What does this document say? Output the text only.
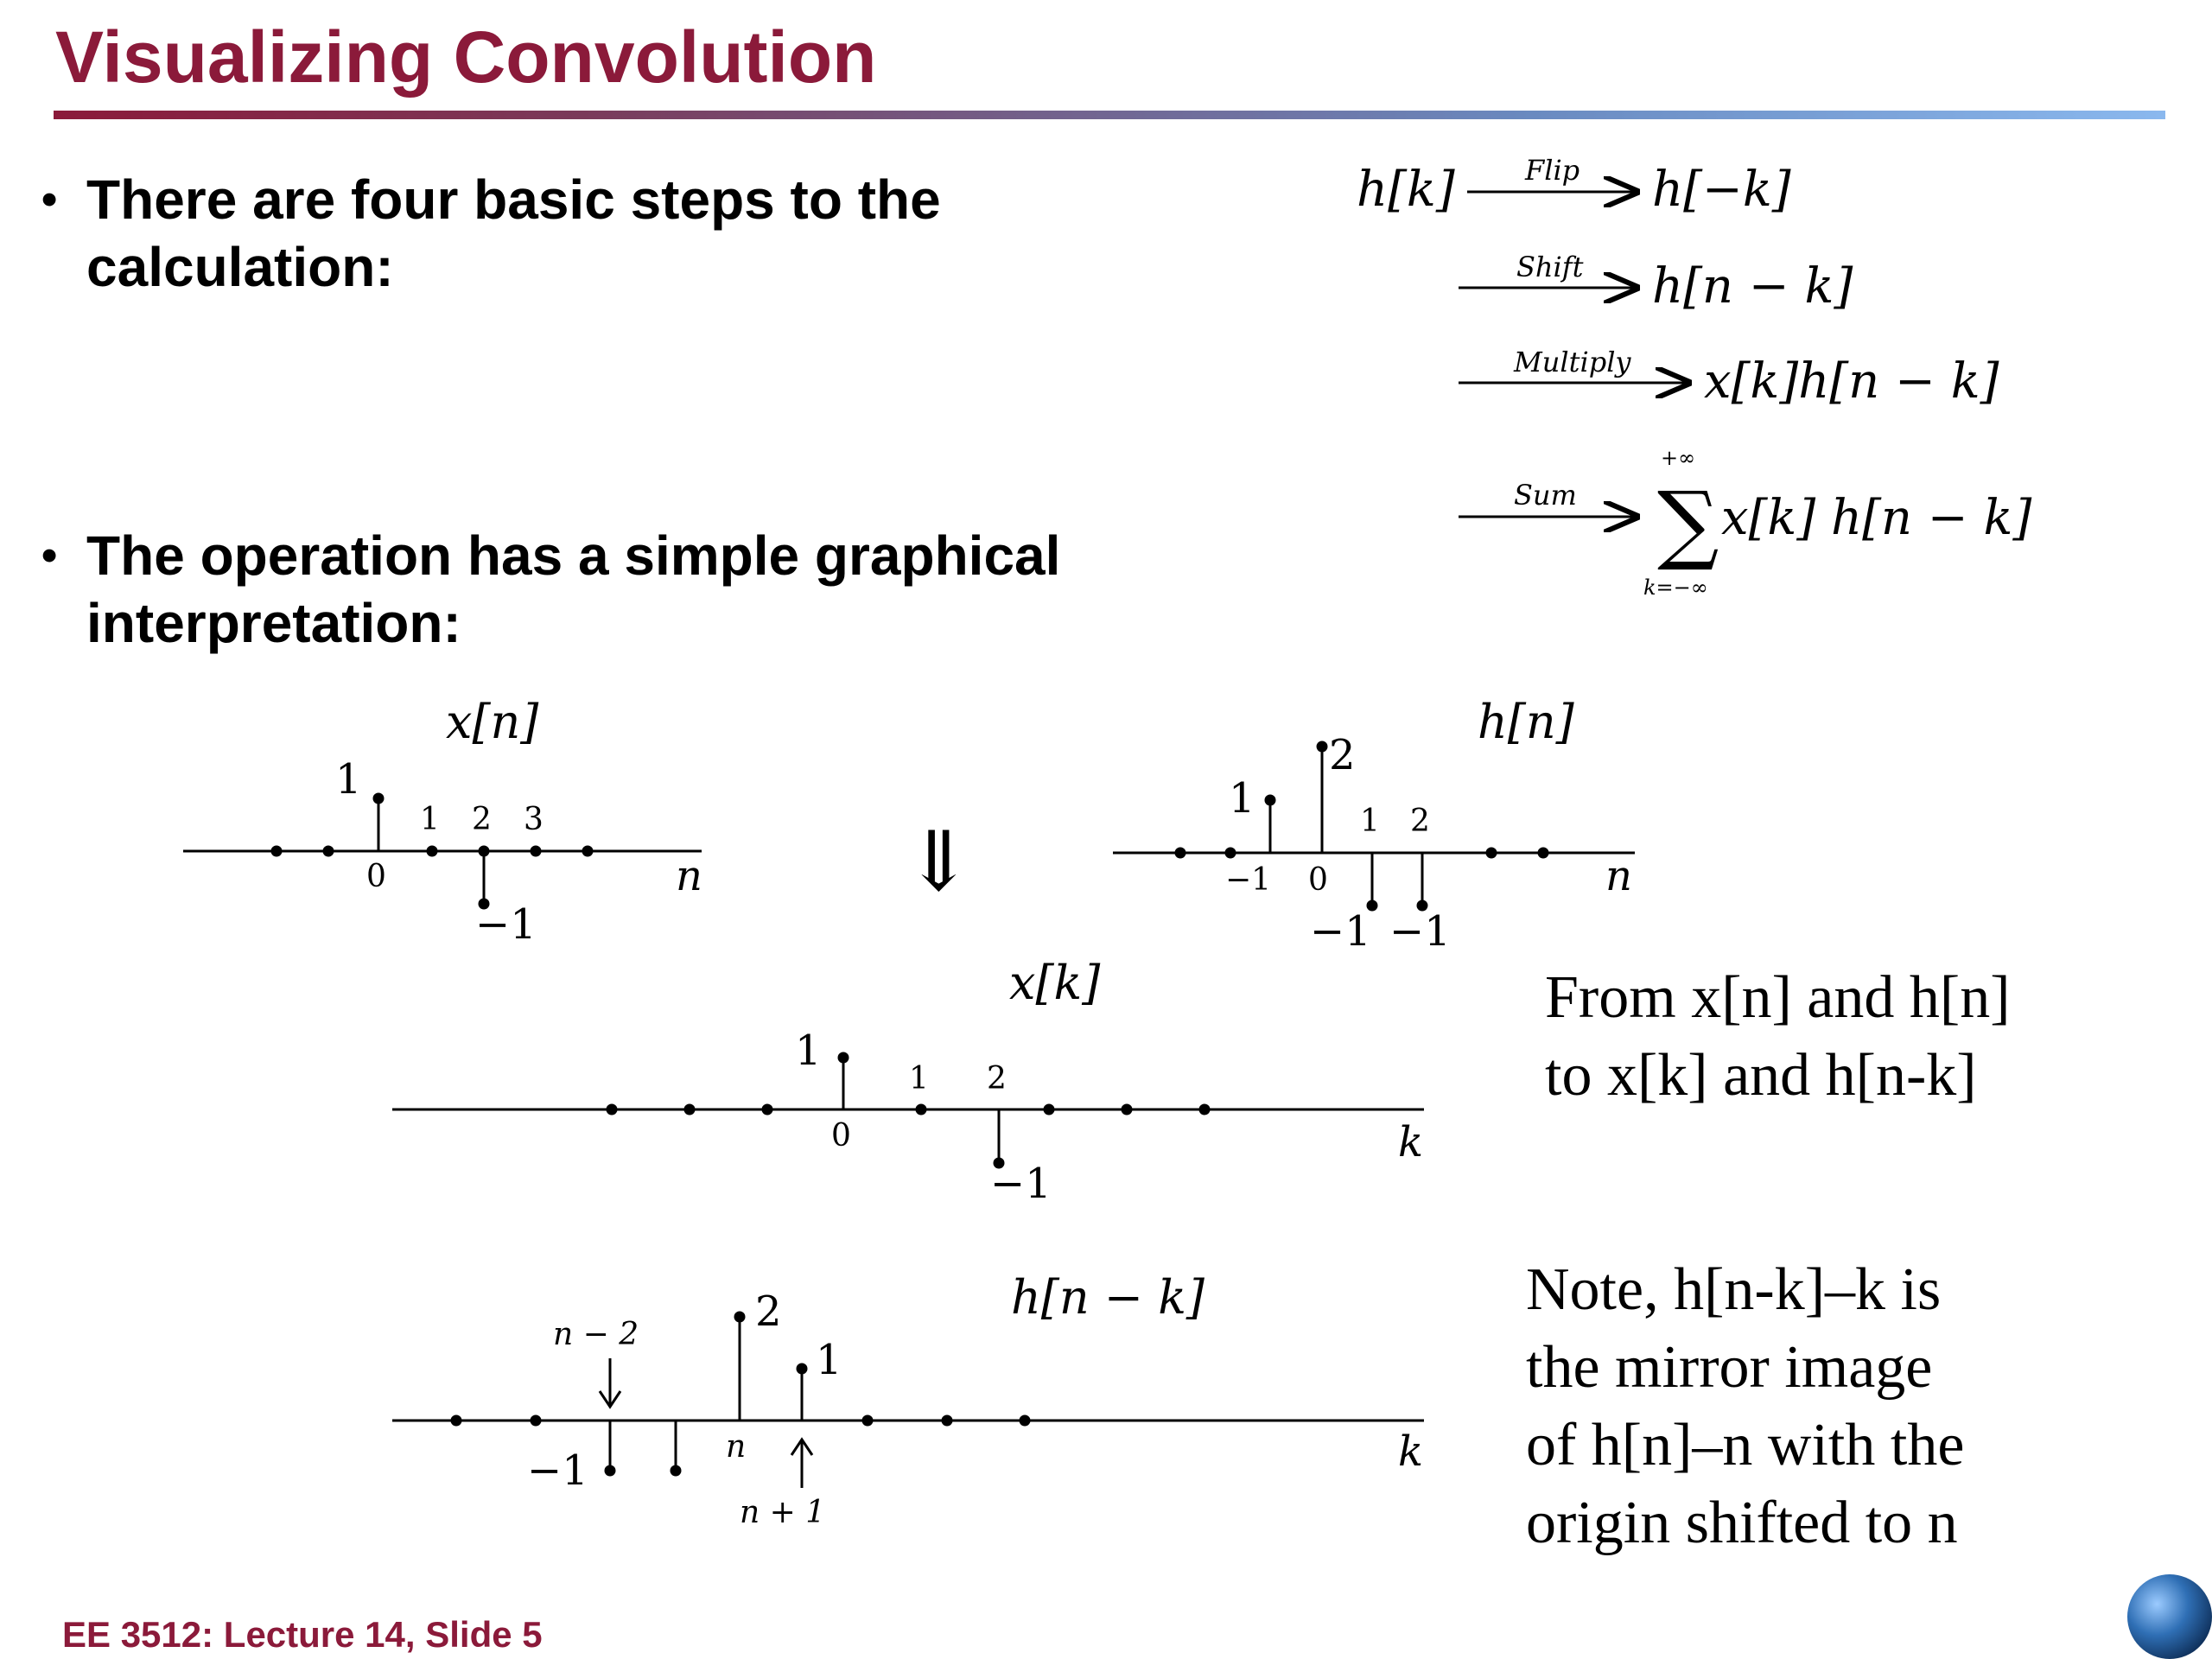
Visualizing Convolution
• There are four basic steps to the
calculation:
• The operation has a simple graphical
interpretation:
h[k]	Flip h[−k]
Shift h[n − k]
Multiply x[k]h[n − k]
Sum ∑
+∞
k=−∞
x[k] h[n − k]
0
1 2 3
1
−1
x[n]
n ⇓	−1 0
1 2
2
1
−1 −1
h[n]
n
0
1 2
1
−1
x[k]
k
n
n − 2
n + 1
2
1
−1
h[n − k]
k
From x[n] and h[n]
to x[k] and h[n-k]
Note, h[n-k]–k is
the mirror image
of h[n]–n with the
origin shifted to n
EE 3512: Lecture 14, Slide 5
